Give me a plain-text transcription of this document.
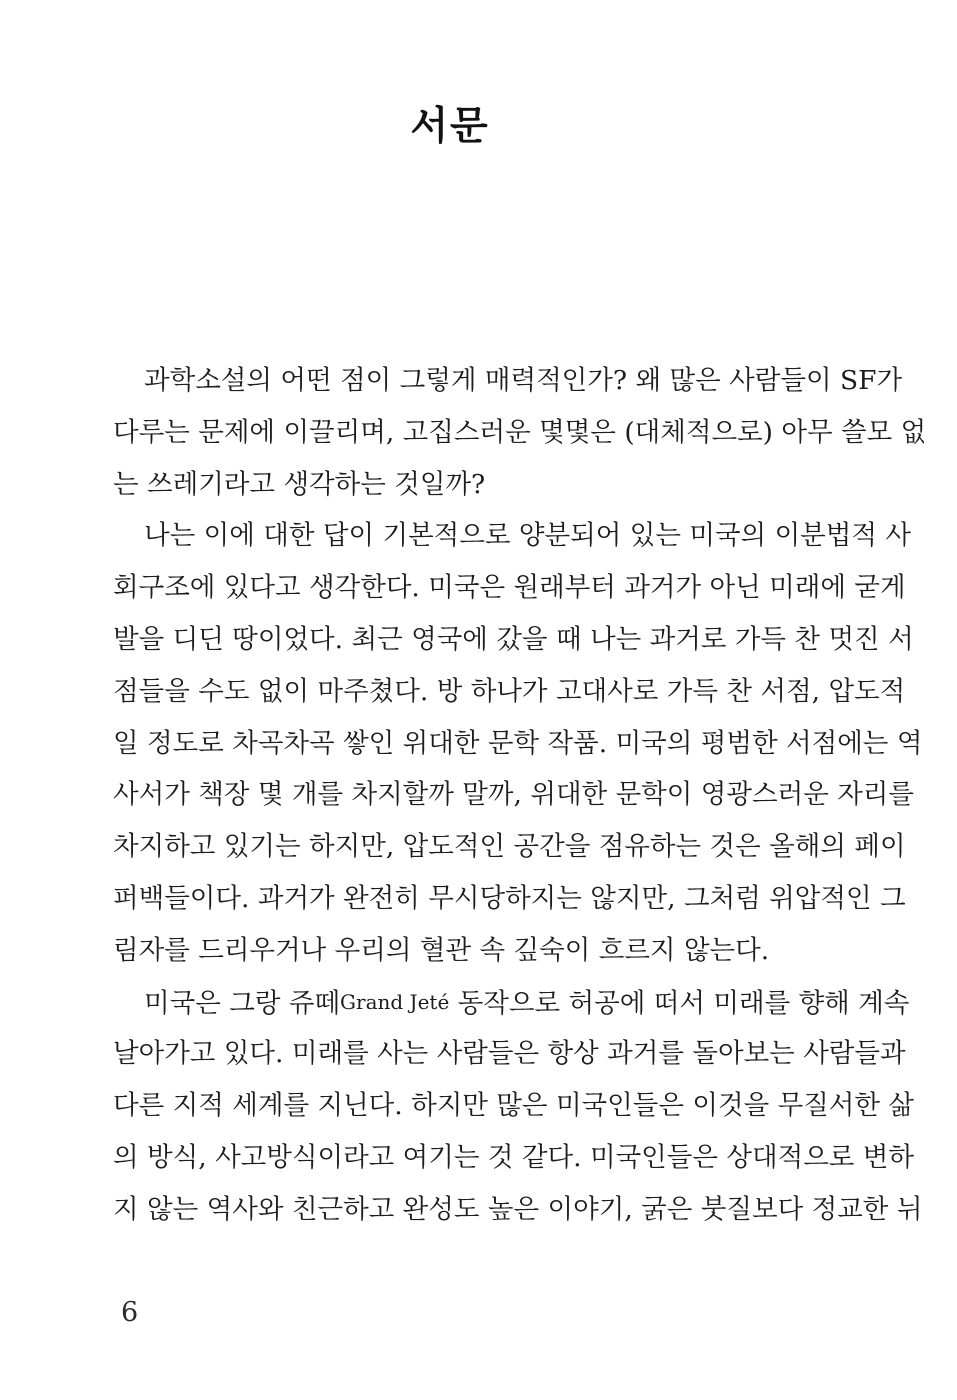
서문
과학소설의 어떤 점이 그렇게 매력적인가? 왜 많은 사람들이 SF가
다루는 문제에 이끌리며, 고집스러운 몇몇은 (대체적으로) 아무 쓸모 없
는 쓰레기라고 생각하는 것일까?
나는 이에 대한 답이 기본적으로 양분되어 있는 미국의 이분법적 사
회구조에 있다고 생각한다. 미국은 원래부터 과거가 아닌 미래에 굳게
발을 디딘 땅이었다. 최근 영국에 갔을 때 나는 과거로 가득 찬 멋진 서
점들을 수도 없이 마주쳤다. 방 하나가 고대사로 가득 찬 서점, 압도적
일 정도로 차곡차곡 쌓인 위대한 문학 작품. 미국의 평범한 서점에는 역
사서가 책장 몇 개를 차지할까 말까, 위대한 문학이 영광스러운 자리를
차지하고 있기는 하지만, 압도적인 공간을 점유하는 것은 올해의 페이
퍼백들이다. 과거가 완전히 무시당하지는 않지만, 그처럼 위압적인 그
림자를 드리우거나 우리의 혈관 속 깊숙이 흐르지 않는다.
미국은 그랑 쥬떼Grand Jeté 동작으로 허공에 떠서 미래를 향해 계속
날아가고 있다. 미래를 사는 사람들은 항상 과거를 돌아보는 사람들과
다른 지적 세계를 지닌다. 하지만 많은 미국인들은 이것을 무질서한 삶
의 방식, 사고방식이라고 여기는 것 같다. 미국인들은 상대적으로 변하
지 않는 역사와 친근하고 완성도 높은 이야기, 굵은 붓질보다 정교한 뉘
6
